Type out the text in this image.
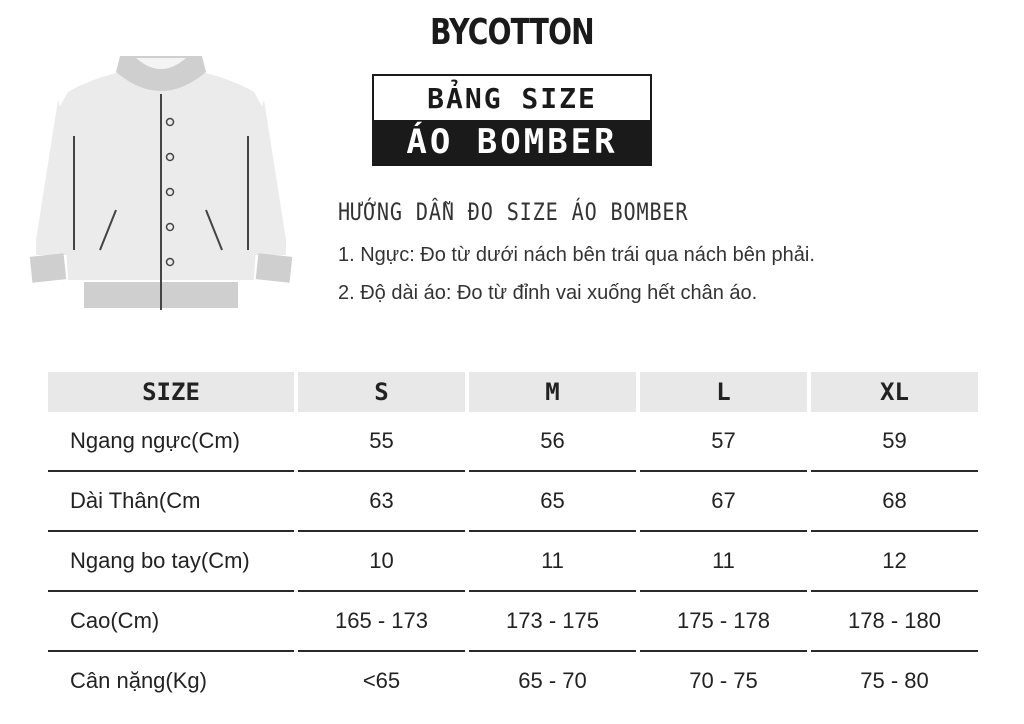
BYCOTTON
BẢNG SIZE
ÁO BOMBER
HƯỚNG DẪN ĐO SIZE ÁO BOMBER
1. Ngực: Đo từ dưới nách bên trái qua nách bên phải.
2. Độ dài áo: Đo từ đỉnh vai xuống hết chân áo.
SIZE	S	M	L	XL
Ngang ngực(Cm)	55	56	57	59
Dài Thân(Cm	63	65	67	68
Ngang bo tay(Cm)	10	11	11	12
Cao(Cm)	165 - 173	173 - 175	175 - 178	178 - 180
Cân nặng(Kg)	<65	65 - 70	70 - 75	75 - 80
